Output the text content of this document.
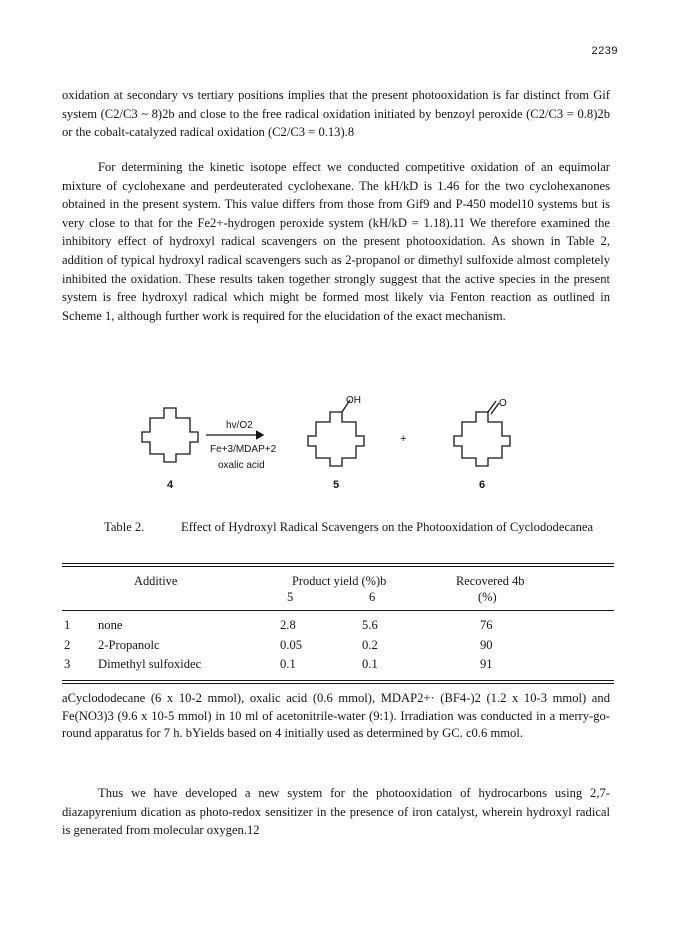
2239

oxidation at secondary vs tertiary positions implies that the present photooxidation is far distinct from Gif system (C2/C3 ~ 8)2b and close to the free radical oxidation initiated by benzoyl peroxide (C2/C3 = 0.8)2b or the cobalt-catalyzed radical oxidation (C2/C3 = 0.13).8

For determining the kinetic isotope effect we conducted competitive oxidation of an equimolar mixture of cyclohexane and perdeuterated cyclohexane. The kH/kD is 1.46 for the two cyclohexanones obtained in the present system. This value differs from those from Gif9 and P-450 model10 systems but is very close to that for the Fe2+-hydrogen peroxide system (kH/kD = 1.18).11 We therefore examined the inhibitory effect of hydroxyl radical scavengers on the present photooxidation. As shown in Table 2, addition of typical hydroxyl radical scavengers such as 2-propanol or dimethyl sulfoxide almost completely inhibited the oxidation. These results taken together strongly suggest that the active species in the present system is free hydroxyl radical which might be formed most likely via Fenton reaction as outlined in Scheme 1, although further work is required for the elucidation of the exact mechanism.

hv/O2
Fe+3/MDAP+2
oxalic acid
OH	O
+
4	5	6
Table 2.	Effect of Hydroxyl Radical Scavengers on the Photooxidation of Cyclododecanea
Additive	Product yield (%)b
5	6
Recovered 4b
(%)
1 none	2.8	5.6	76
2 2-Propanolc	0.05	0.2	90
3 Dimethyl sulfoxidec	0.1	0.1	91
aCyclododecane (6 x 10-2 mmol), oxalic acid (0.6 mmol), MDAP2+· (BF4-)2 (1.2 x 10-3 mmol) and Fe(NO3)3 (9.6 x 10-5 mmol) in 10 ml of acetonitrile-water (9:1). Irradiation was conducted in a merry-go-round apparatus for 7 h. bYields based on 4 initially used as determined by GC. c0.6 mmol.

Thus we have developed a new system for the photooxidation of hydrocarbons using 2,7-diazapyrenium dication as photo-redox sensitizer in the presence of iron catalyst, wherein hydroxyl radical is generated from molecular oxygen.12
